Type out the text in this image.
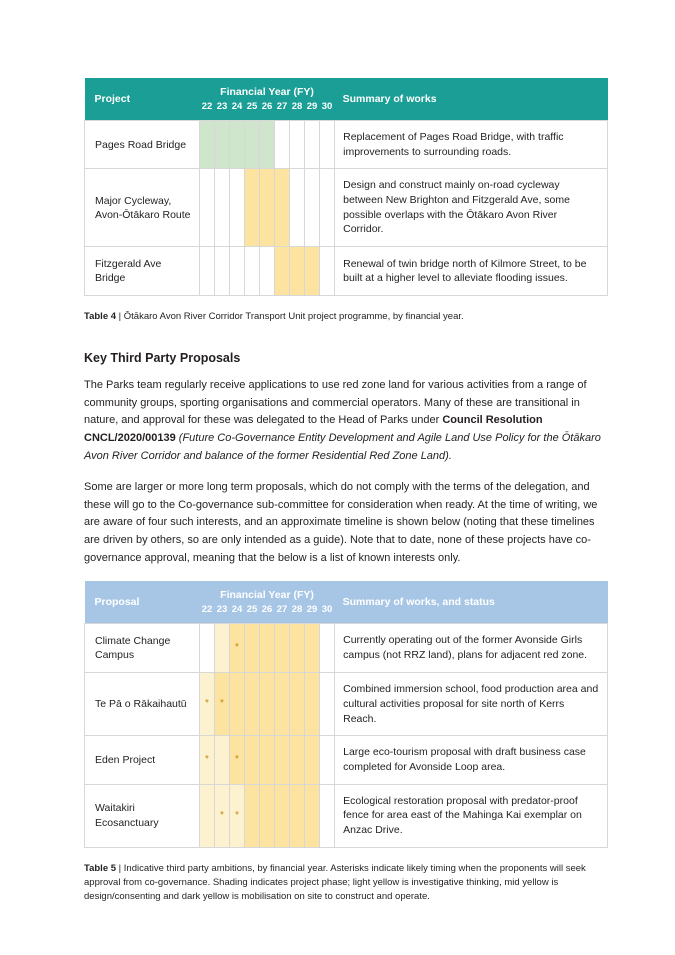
Project	Financial Year (FY)									Summary of works
	22	23	24	25	26	27	28	29	30	
Pages Road Bridge										Replacement of Pages Road Bridge, with traffic improvements to surrounding roads.
Major Cycleway, Avon-Ōtākaro Route										Design and construct mainly on-road cycleway between New Brighton and Fitzgerald Ave, some possible overlaps with the Ōtākaro Avon River Corridor.
Fitzgerald Ave Bridge										Renewal of twin bridge north of Kilmore Street, to be built at a higher level to alleviate flooding issues.
Table 4 | Ōtākaro Avon River Corridor Transport Unit project programme, by financial year.
Key Third Party Proposals

The Parks team regularly receive applications to use red zone land for various activities from a range of community groups, sporting organisations and commercial operators. Many of these are transitional in nature, and approval for these was delegated to the Head of Parks under Council Resolution CNCL/2020/00139 (Future Co-Governance Entity Development and Agile Land Use Policy for the Ōtākaro Avon River Corridor and balance of the former Residential Red Zone Land).

Some are larger or more long term proposals, which do not comply with the terms of the delegation, and these will go to the Co-governance sub-committee for consideration when ready. At the time of writing, we are aware of four such interests, and an approximate timeline is shown below (noting that these timelines are driven by others, so are only intended as a guide). Note that to date, none of these projects have co-governance approval, meaning that the below is a list of known interests only.

Proposal	Financial Year (FY)									Summary of works, and status
	22	23	24	25	26	27	28	29	30	
Climate Change Campus			*							Currently operating out of the former Avonside Girls campus (not RRZ land), plans for adjacent red zone.
Te Pā o Rākaihautū	*	*								Combined immersion school, food production area and cultural activities proposal for site north of Kerrs Reach.
Eden Project	*		*							Large eco-tourism proposal with draft business case completed for Avonside Loop area.
Waitakiri Ecosanctuary		*	*							Ecological restoration proposal with predator-proof fence for area east of the Mahinga Kai exemplar on Anzac Drive.
Table 5 | Indicative third party ambitions, by financial year. Asterisks indicate likely timing when the proponents will seek approval from co-governance. Shading indicates project phase; light yellow is investigative thinking, mid yellow is design/consenting and dark yellow is mobilisation on site to construct and operate.
